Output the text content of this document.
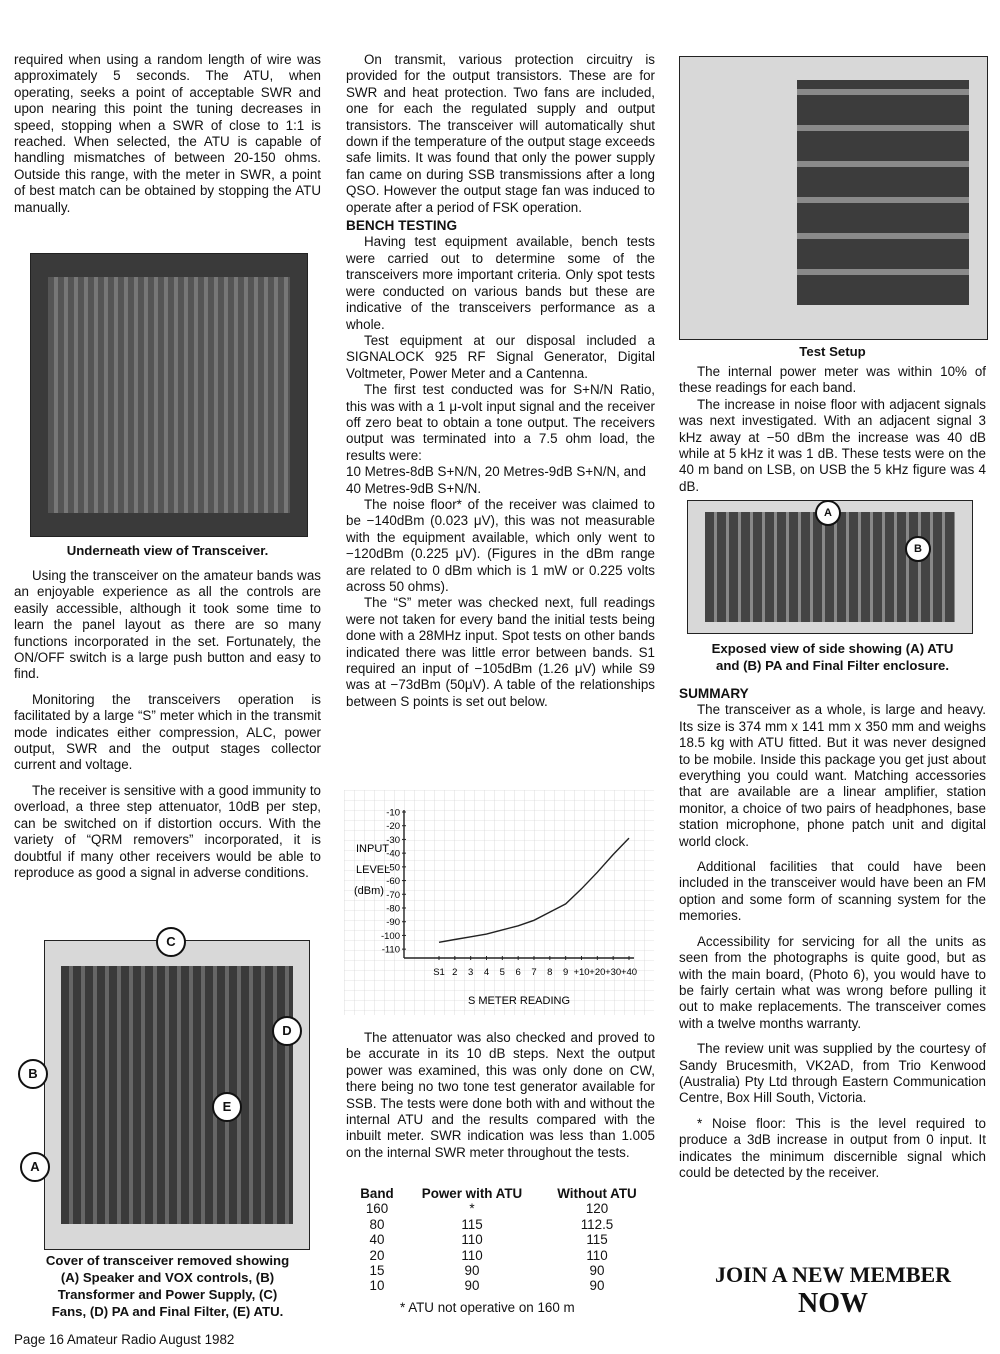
required when using a random length of wire was approximately 5 seconds. The ATU, when operating, seeks a point of acceptable SWR and upon nearing this point the tuning decreases in speed, stopping when a SWR of close to 1:1 is reached. When selected, the ATU is capable of handling mismatches of between 20-150 ohms. Outside this range, with the meter in SWR, a point of best match can be obtained by stopping the ATU manually.

Underneath view of Transceiver.

Using the transceiver on the amateur bands was an enjoyable experience as all the controls are easily accessible, although it took some time to learn the panel layout as there are so many functions incorporated in the set. Fortunately, the ON/OFF switch is a large push button and easy to find.

Monitoring the transceivers operation is facilitated by a large “S” meter which in the transmit mode indicates either compression, ALC, power output, SWR and the output stages collector current and voltage.

The receiver is sensitive with a good immunity to overload, a three step attenuator, 10dB per step, can be switched on if distortion occurs. With the variety of “QRM removers” incorporated, it is doubtful if many other receivers would be able to reproduce as good a signal in adverse conditions.

C
B
D
E
A
Cover of transceiver removed showing
(A) Speaker and VOX controls, (B)
Transformer and Power Supply, (C)
Fans, (D) PA and Final Filter, (E) ATU.

On transmit, various protection circuitry is provided for the output transistors. These are for SWR and heat protection. Two fans are included, one for each the regulated supply and output transistors. The transceiver will automatically shut down if the temperature of the output stage exceeds safe limits. It was found that only the power supply fan came on during SSB transmissions after a long QSO. However the output stage fan was induced to operate after a period of FSK operation.

BENCH TESTING

Having test equipment available, bench tests were carried out to determine some of the transceivers more important criteria. Only spot tests were conducted on various bands but these are indicative of the transceivers performance as a whole.

Test equipment at our disposal included a SIGNALOCK 925 RF Signal Generator, Digital Voltmeter, Power Meter and a Cantenna.

The first test conducted was for S+N/N Ratio, this was with a 1 μ-volt input signal and the receiver off zero beat to obtain a tone output. The receivers output was terminated into a 7.5 ohm load, the results were:

10 Metres-8dB S+N/N, 20 Metres-9dB S+N/N, and 40 Metres-9dB S+N/N.

The noise floor* of the receiver was claimed to be −140dBm (0.023 μV), this was not measurable with the equipment available, which only went to −120dBm (0.225 μV). (Figures in the dBm range are related to 0 dBm which is 1 mW or 0.225 volts across 50 ohms).

The “S” meter was checked next, full readings were not taken for every band the initial tests being done with a 28MHz input. Spot tests on other bands indicated there was little error between bands. S1 required an input of −105dBm (1.26 μV) while S9 was at −73dBm (50μV). A table of the relationships between S points is set out below.

-10
-20
-30
-40
-50
-60
-70
-80
-90
-100
-110
S1 2 3 4 5 6 7 8 9 +10 +20 +30 +40
INPUT
LEVEL
(dBm)
S METER READING

The attenuator was also checked and proved to be accurate in its 10 dB steps. Next the output power was examined, this was only done on CW, there being no two tone test generator available for SSB. The tests were done both with and without the internal ATU and the results compared with the inbuilt meter. SWR indication was less than 1.005 on the internal SWR meter throughout the tests.

Band	Power with ATU	Without ATU
160	*	120
80	115	112.5
40	110	115
20	110	110
15	90	90
10	90	90
* ATU not operative on 160 m
Test Setup

The internal power meter was within 10% of these readings for each band.

The increase in noise floor with adjacent signals was next investigated. With an adjacent signal 3 kHz away at −50 dBm the increase was 40 dB while at 5 kHz it was 1 dB. These tests were on the 40 m band on LSB, on USB the 5 kHz figure was 4 dB.

A
B
Exposed view of side showing (A) ATU
and (B) PA and Final Filter enclosure.
SUMMARY

The transceiver as a whole, is large and heavy. Its size is 374 mm x 141 mm x 350 mm and weighs 18.5 kg with ATU fitted. But it was never designed to be mobile. Inside this package you get just about everything you could want. Matching accessories that are available are a linear amplifier, station monitor, a choice of two pairs of headphones, base station microphone, phone patch unit and digital world clock.

Additional facilities that could have been included in the transceiver would have been an FM option and some form of scanning system for the memories.

Accessibility for servicing for all the units as seen from the photographs is quite good, but as with the main board, (Photo 6), you would have to be fairly certain what was wrong before pulling it out to make replacements. The transceiver comes with a twelve months warranty.

The review unit was supplied by the courtesy of Sandy Brucesmith, VK2AD, from Trio Kenwood (Australia) Pty Ltd through Eastern Communication Centre, Box Hill South, Victoria.

* Noise floor: This is the level required to produce a 3dB increase in output from 0 input. It indicates the minimum discernible signal which could be detected by the receiver.

JOIN A NEW MEMBER
NOW
Page 16 Amateur Radio August 1982
